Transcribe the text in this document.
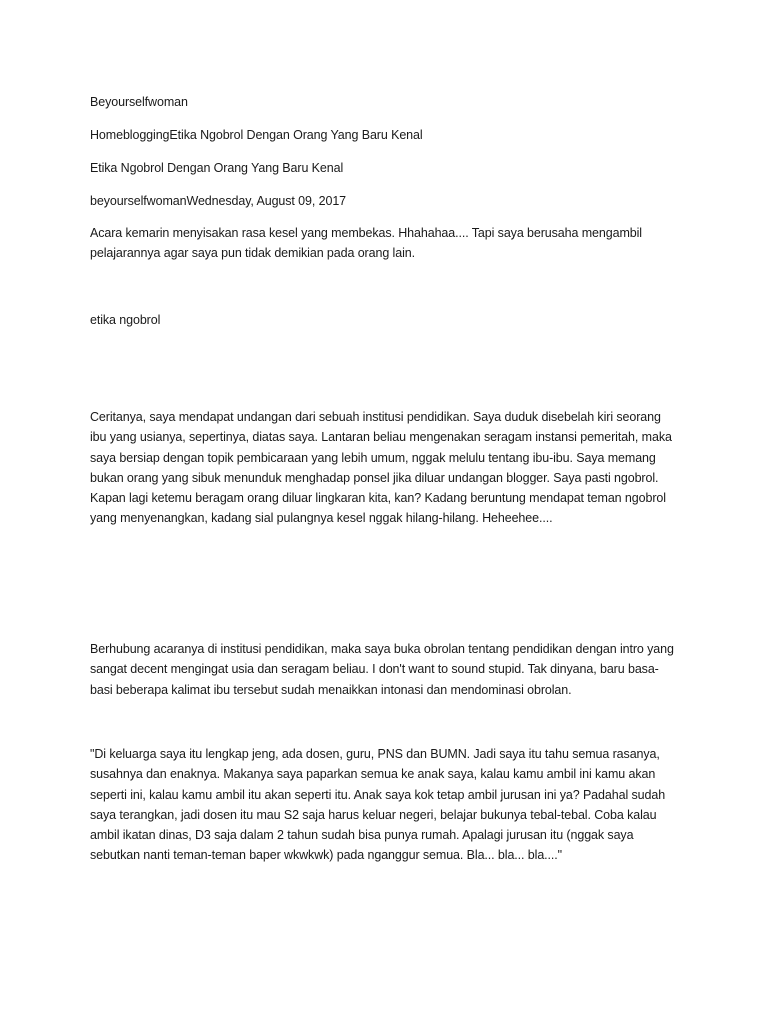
Beyourselfwoman

HomebloggingEtika Ngobrol Dengan Orang Yang Baru Kenal

Etika Ngobrol Dengan Orang Yang Baru Kenal

beyourselfwomanWednesday, August 09, 2017

Acara kemarin menyisakan rasa kesel yang membekas. Hhahahaa.... Tapi saya berusaha mengambil pelajarannya agar saya pun tidak demikian pada orang lain.

etika ngobrol

Ceritanya, saya mendapat undangan dari sebuah institusi pendidikan. Saya duduk disebelah kiri seorang ibu yang usianya, sepertinya, diatas saya. Lantaran beliau mengenakan seragam instansi pemeritah, maka saya bersiap dengan topik pembicaraan yang lebih umum, nggak melulu tentang ibu-ibu. Saya memang bukan orang yang sibuk menunduk menghadap ponsel jika diluar undangan blogger. Saya pasti ngobrol. Kapan lagi ketemu beragam orang diluar lingkaran kita, kan? Kadang beruntung mendapat teman ngobrol yang menyenangkan, kadang sial pulangnya kesel nggak hilang-hilang. Heheehee....

Berhubung acaranya di institusi pendidikan, maka saya buka obrolan tentang pendidikan dengan intro yang sangat decent mengingat usia dan seragam beliau. I don't want to sound stupid. Tak dinyana, baru basa-basi beberapa kalimat ibu tersebut sudah menaikkan intonasi dan mendominasi obrolan.

"Di keluarga saya itu lengkap jeng, ada dosen, guru, PNS dan BUMN. Jadi saya itu tahu semua rasanya, susahnya dan enaknya. Makanya saya paparkan semua ke anak saya, kalau kamu ambil ini kamu akan seperti ini, kalau kamu ambil itu akan seperti itu. Anak saya kok tetap ambil jurusan ini ya? Padahal sudah saya terangkan, jadi dosen itu mau S2 saja harus keluar negeri, belajar bukunya tebal-tebal. Coba kalau ambil ikatan dinas, D3 saja dalam 2 tahun sudah bisa punya rumah. Apalagi jurusan itu (nggak saya sebutkan nanti teman-teman baper wkwkwk) pada nganggur semua. Bla... bla... bla...."
